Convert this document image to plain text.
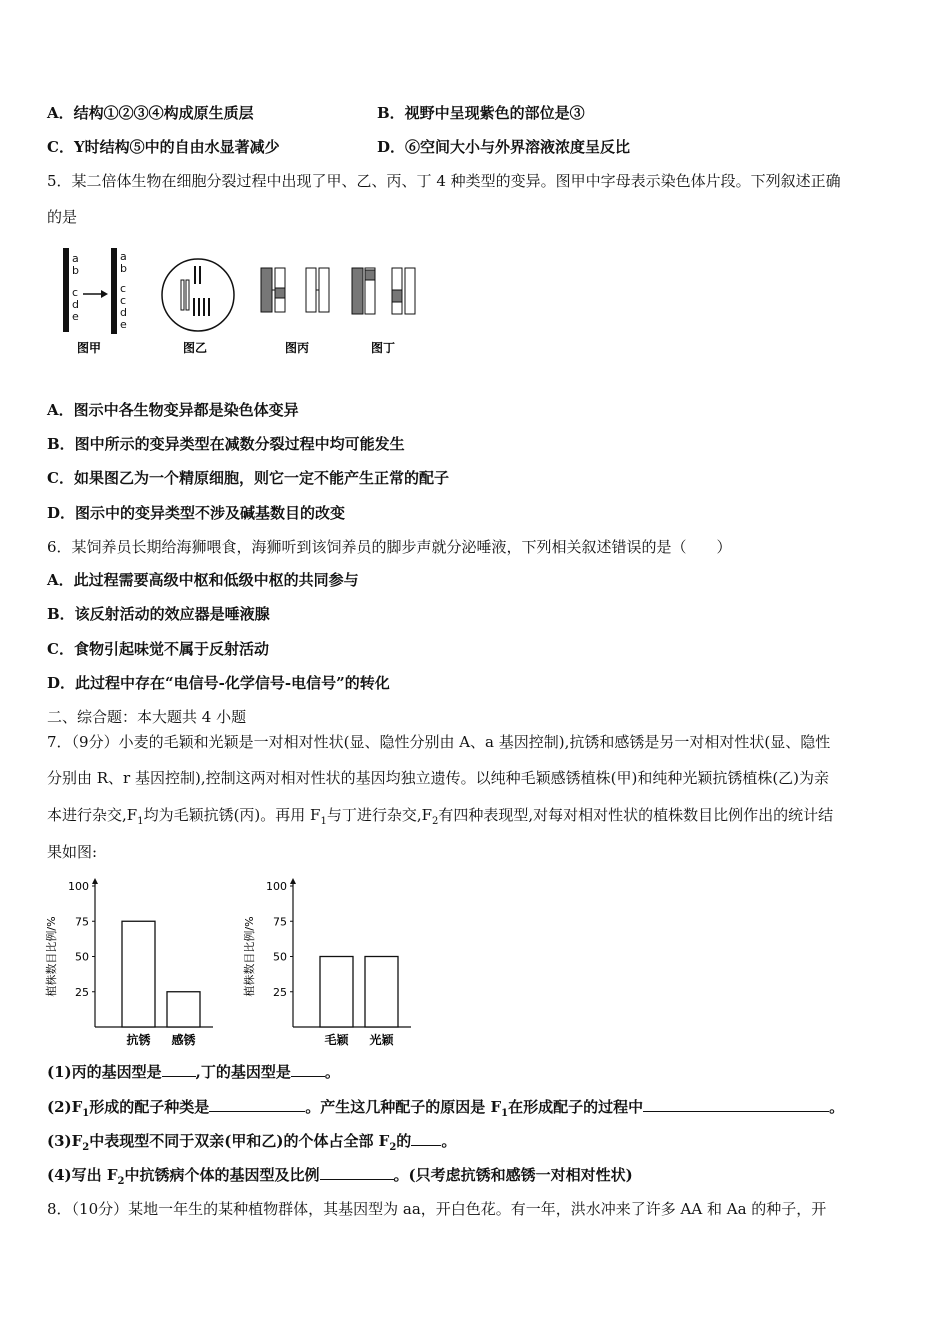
A．结构①②③④构成原生质层	B．视野中呈现紫色的部位是③
C．Y时结构⑤中的自由水显著减少	D．⑥空间大小与外界溶液浓度呈反比
5．某二倍体生物在细胞分裂过程中出现了甲、乙、丙、丁 4 种类型的变异。图甲中字母表示染色体片段。下列叙述正确
的是
a
b
c
d
e
a
b
c
c
d
e
图甲	图乙	图丙	图丁
A．图示中各生物变异都是染色体变异
B．图中所示的变异类型在减数分裂过程中均可能发生
C．如果图乙为一个精原细胞，则它一定不能产生正常的配子
D．图示中的变异类型不涉及碱基数目的改变
6．某饲养员长期给海狮喂食，海狮听到该饲养员的脚步声就分泌唾液，下列相关叙述错误的是（　　）
A．此过程需要高级中枢和低级中枢的共同参与
B．该反射活动的效应器是唾液腺
C．食物引起味觉不属于反射活动
D．此过程中存在“电信号-化学信号-电信号”的转化
二、综合题：本大题共 4 小题
7．（9分）小麦的毛颖和光颖是一对相对性状(显、隐性分别由 A、a 基因控制),抗锈和感锈是另一对相对性状(显、隐性
分别由 R、r 基因控制),控制这两对相对性状的基因均独立遗传。以纯种毛颖感锈植株(甲)和纯种光颖抗锈植株(乙)为亲
本进行杂交$,F_1$均为毛颖抗锈(丙)。再用 $F_1$与丁进行杂交$,F_2$有四种表现型,对每对相对性状的植株数目比例作出的统计结
果如图:
25
50
75
100
植株数目比例/%
抗锈 感锈
25
50
75
100
植株数目比例/%
毛颖 光颖
(1)丙的基因型是 ,丁的基因型是 。
$(2)F_1$形成的配子种类是	。产生这几种配子的原因是 $F_1$在形成配子的过程中	。
$(3)F_2$中表现型不同于双亲(甲和乙)的个体占全部 $F_2$的 。
(4)写出 $F_2$中抗锈病个体的基因型及比例	。(只考虑抗锈和感锈一对相对性状)
8．（10分）某地一年生的某种植物群体，其基因型为 aa，开白色花。有一年，洪水冲来了许多 AA 和 Aa 的种子，开
